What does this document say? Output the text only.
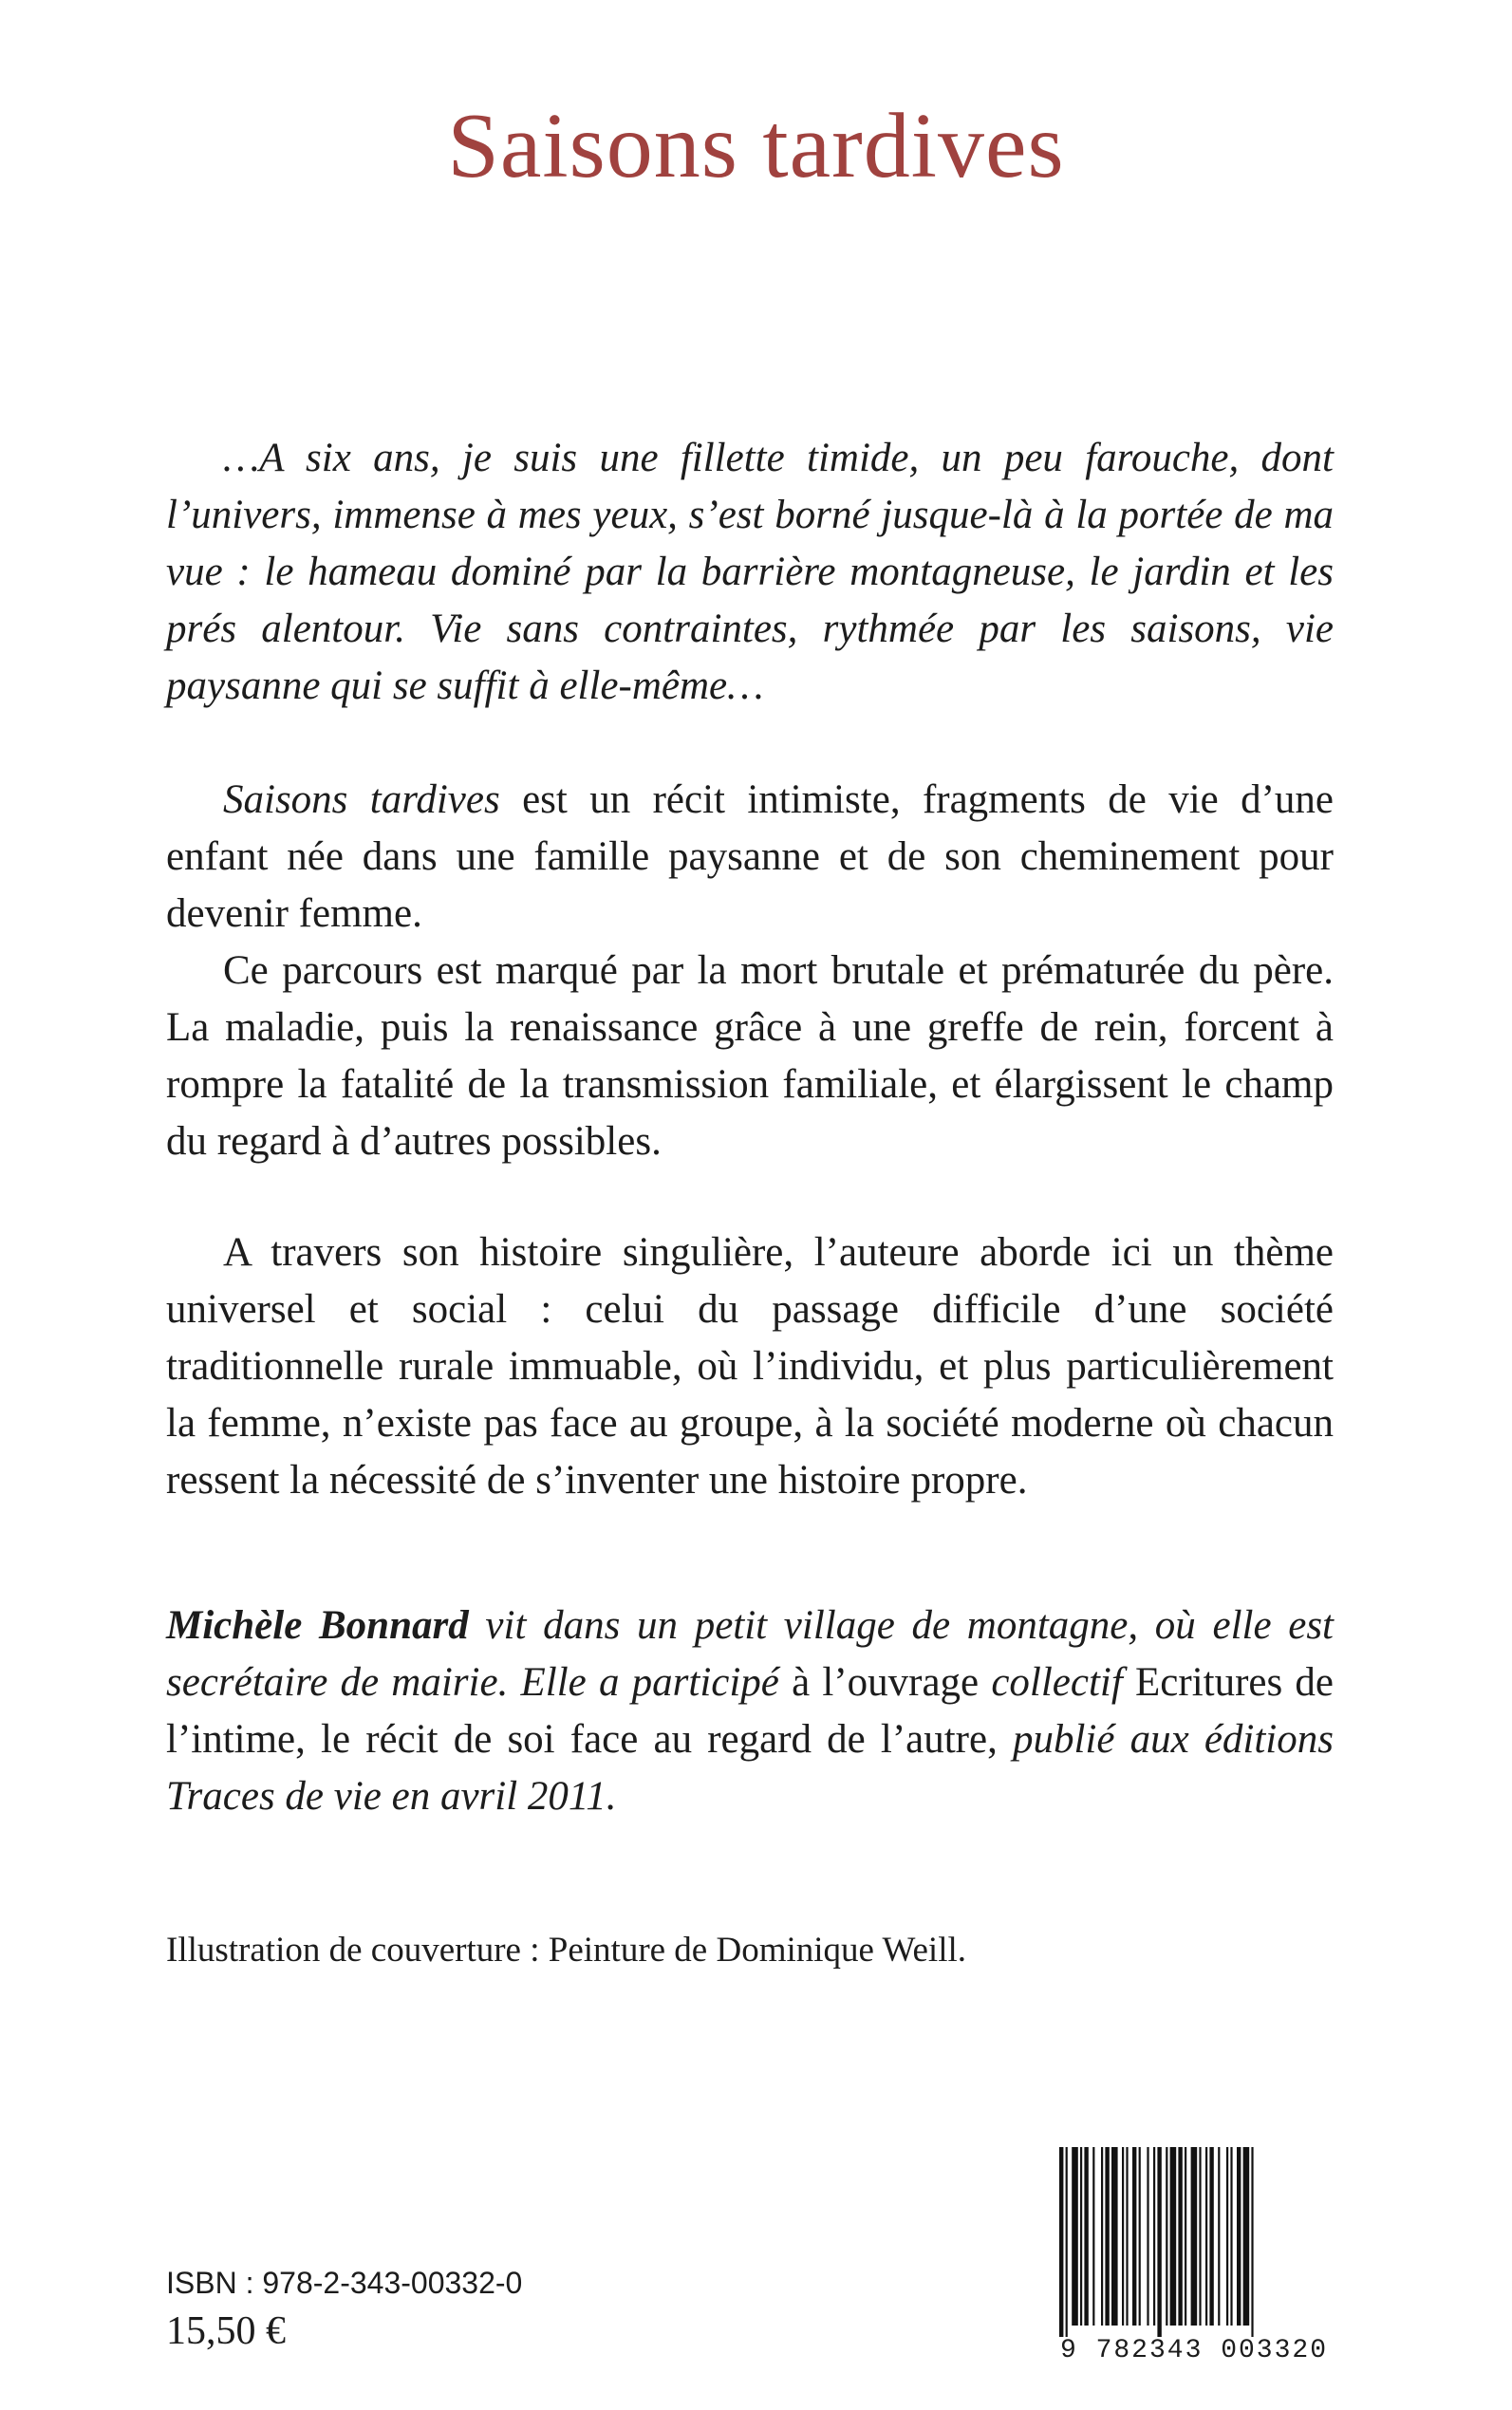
Saisons tardives

…A six ans, je suis une fillette timide, un peu farouche, dont l’univers, immense à mes yeux, s’est borné jusque-là à la portée de ma vue : le hameau dominé par la barrière montagneuse, le jardin et les prés alentour. Vie sans contraintes, rythmée par les saisons, vie paysanne qui se suffit à elle-même…

Saisons tardives est un récit intimiste, fragments de vie d’une enfant née dans une famille paysanne et de son cheminement pour devenir femme.

Ce parcours est marqué par la mort brutale et prématurée du père. La maladie, puis la renaissance grâce à une greffe de rein, forcent à rompre la fatalité de la transmission familiale, et élargissent le champ du regard à d’autres possibles.

A travers son histoire singulière, l’auteure aborde ici un thème universel et social : celui du passage difficile d’une société traditionnelle rurale immuable, où l’individu, et plus particulièrement la femme, n’existe pas face au groupe, à la société moderne où chacun ressent la nécessité de s’inventer une histoire propre.

Michèle Bonnard vit dans un petit village de montagne, où elle est secrétaire de mairie. Elle a participé à l’ouvrage collectif Ecritures de l’intime, le récit de soi face au regard de l’autre, publié aux éditions Traces de vie en avril 2011.

Illustration de couverture : Peinture de Dominique Weill.
ISBN : 978-2-343-00332-0
15,50 €	9 782343 003320
